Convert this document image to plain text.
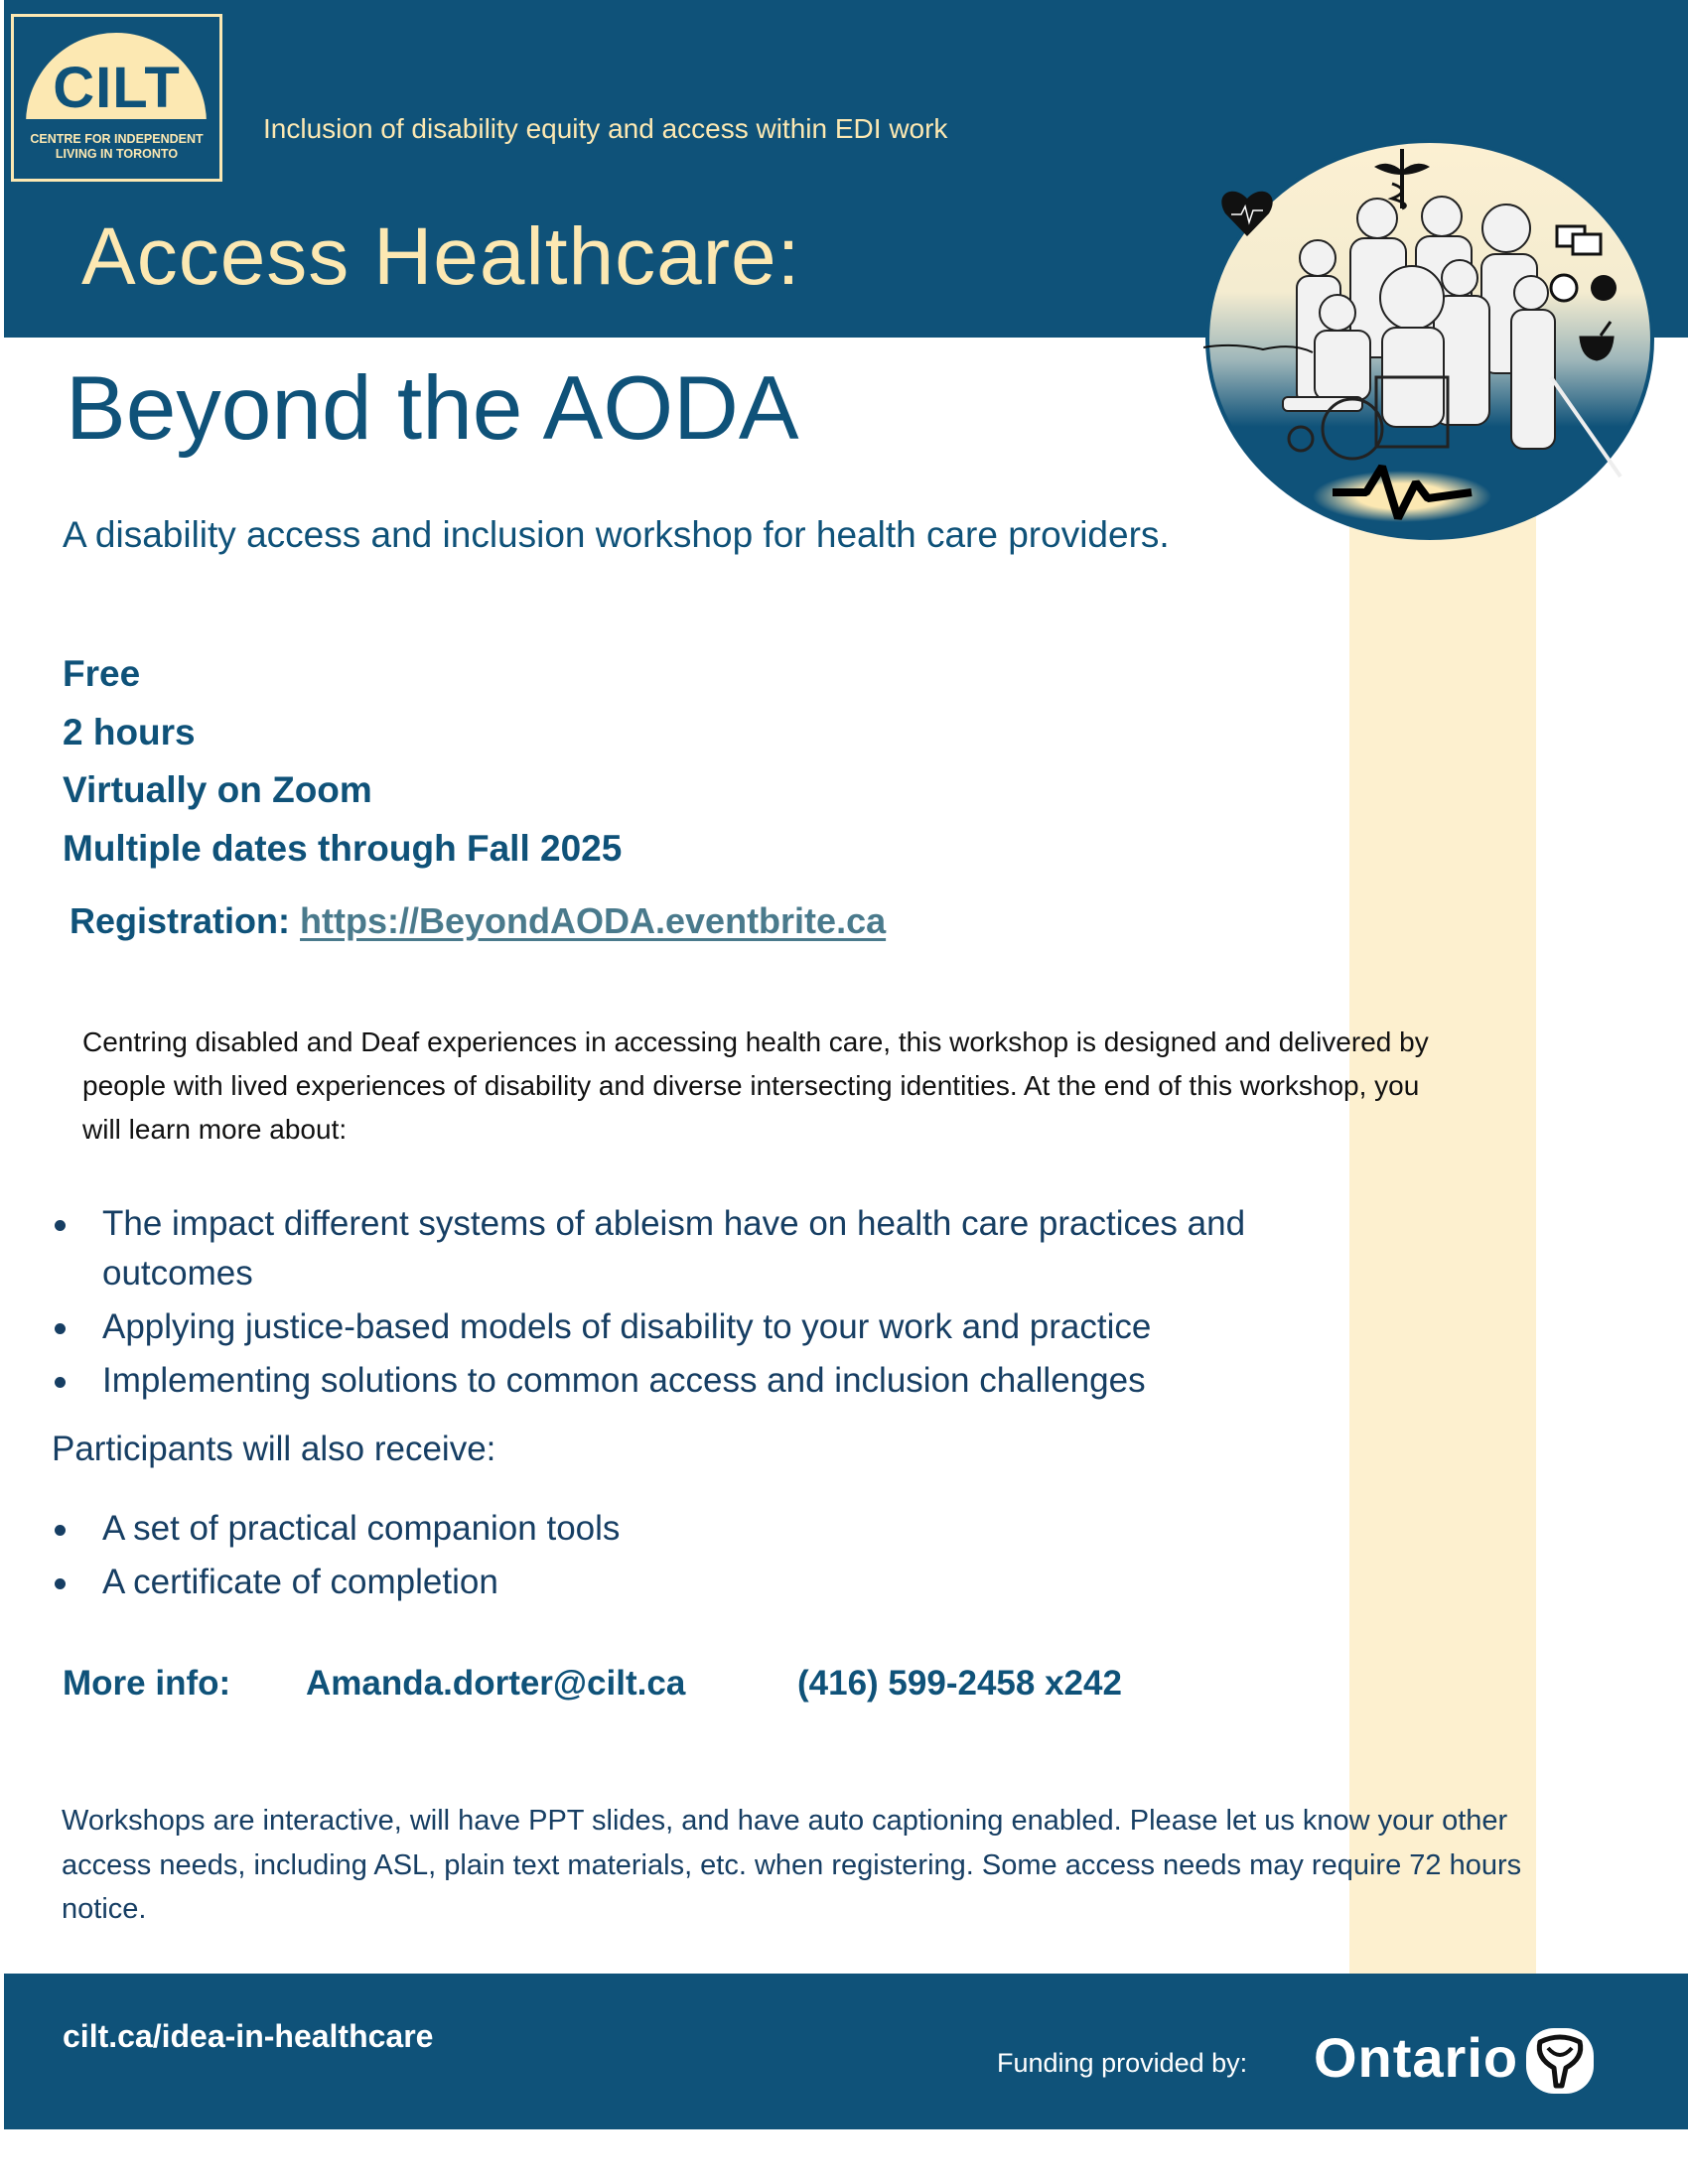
CILT
CENTRE FOR INDEPENDENT
LIVING IN TORONTO
Inclusion of disability equity and access within EDI work
Access Healthcare:
Beyond the AODA
A disability access and inclusion workshop for health care providers.
Free
2 hours
Virtually on Zoom
Multiple dates through Fall 2025
Registration: https://BeyondAODA.eventbrite.ca
Centring disabled and Deaf experiences in accessing health care, this workshop is designed and delivered by people with lived experiences of disability and diverse intersecting identities. At the end of this workshop, you will learn more about:
The impact different systems of ableism have on health care practices and outcomes
Applying justice-based models of disability to your work and practice
Implementing solutions to common access and inclusion challenges
Participants will also receive:
A set of practical companion tools
A certificate of completion
More info: Amanda.dorter@cilt.ca	(416) 599-2458 x242
Workshops are interactive, will have PPT slides, and have auto captioning enabled. Please let us know your other access needs, including ASL, plain text materials, etc. when registering. Some access needs may require 72 hours notice.
cilt.ca/idea-in-healthcare
Funding provided by: Ontario
